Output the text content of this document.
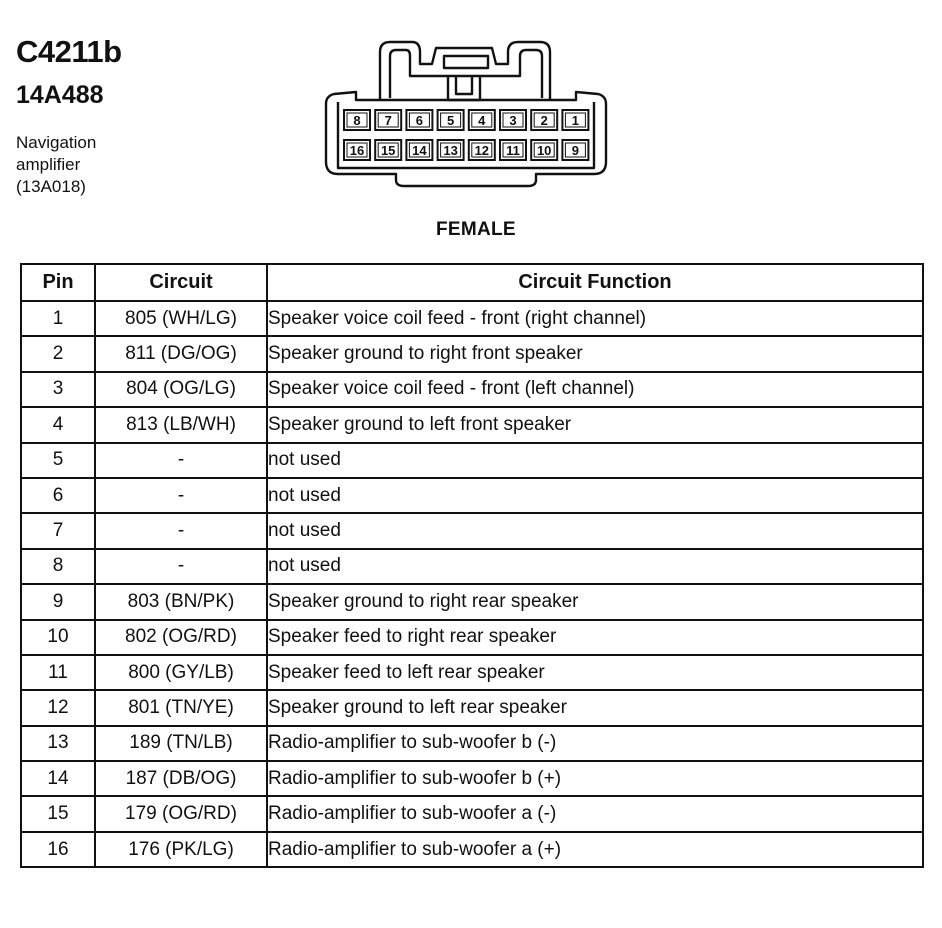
C4211b
14A488
Navigation
amplifier
(13A018)
8 7 6 5 4 3 2 1
16 15 14 13 12 11 10 9
FEMALE
Pin	Circuit	Circuit Function
1	805 (WH/LG)	Speaker voice coil feed - front (right channel)
2	811 (DG/OG)	Speaker ground to right front speaker
3	804 (OG/LG)	Speaker voice coil feed - front (left channel)
4	813 (LB/WH)	Speaker ground to left front speaker
5	-	not used
6	-	not used
7	-	not used
8	-	not used
9	803 (BN/PK)	Speaker ground to right rear speaker
10	802 (OG/RD)	Speaker feed to right rear speaker
11	800 (GY/LB)	Speaker feed to left rear speaker
12	801 (TN/YE)	Speaker ground to left rear speaker
13	189 (TN/LB)	Radio-amplifier to sub-woofer b (-)
14	187 (DB/OG)	Radio-amplifier to sub-woofer b (+)
15	179 (OG/RD)	Radio-amplifier to sub-woofer a (-)
16	176 (PK/LG)	Radio-amplifier to sub-woofer a (+)
